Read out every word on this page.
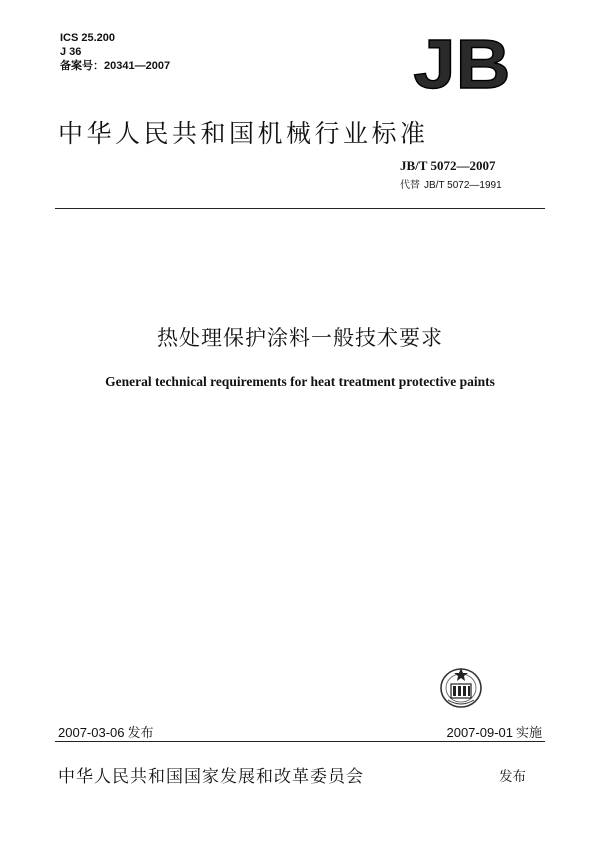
ICS 25.200
J 36
备案号：20341—2007	JB
中华人民共和国机械行业标准
JB/T 5072—2007
代替 JB/T 5072—1991
热处理保护涂料一般技术要求
General technical requirements for heat treatment protective paints
2007-03-06 发布	2007-09-01 实施
中华人民共和国国家发展和改革委员会	发布
